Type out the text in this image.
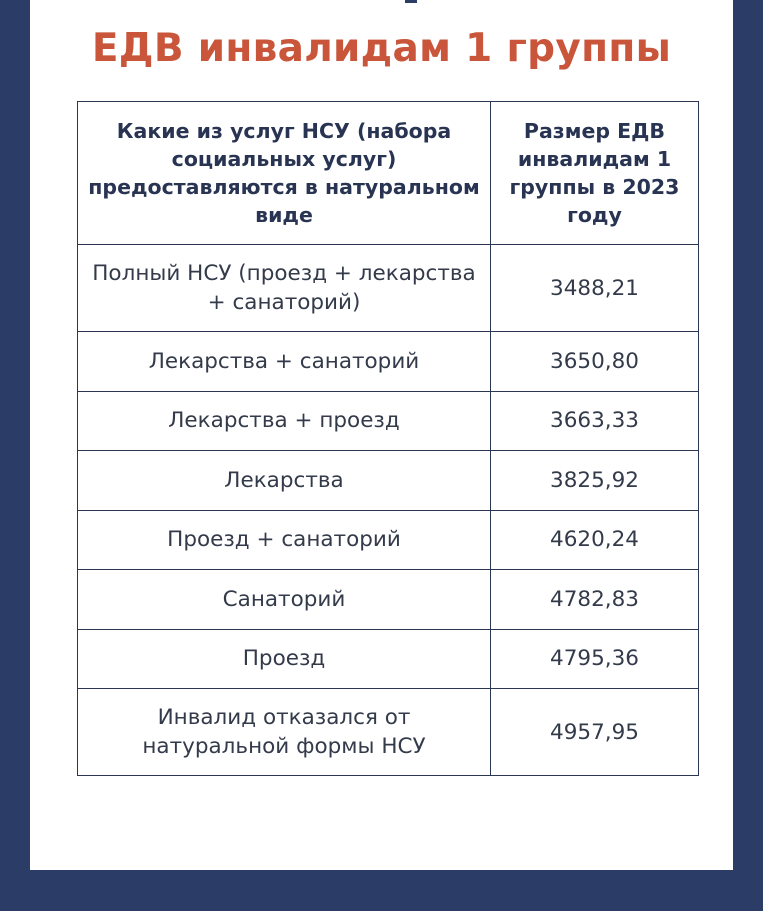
ЕДВ инвалидам 1 группы
Какие из услуг НСУ (набора социальных услуг) предоставляются в натуральном виде	Размер ЕДВ инвалидам 1 группы в 2023 году
Полный НСУ (проезд + лекарства + санаторий)	3488,21
Лекарства + санаторий	3650,80
Лекарства + проезд	3663,33
Лекарства	3825,92
Проезд + санаторий	4620,24
Санаторий	4782,83
Проезд	4795,36
Инвалид отказался от натуральной формы НСУ	4957,95
